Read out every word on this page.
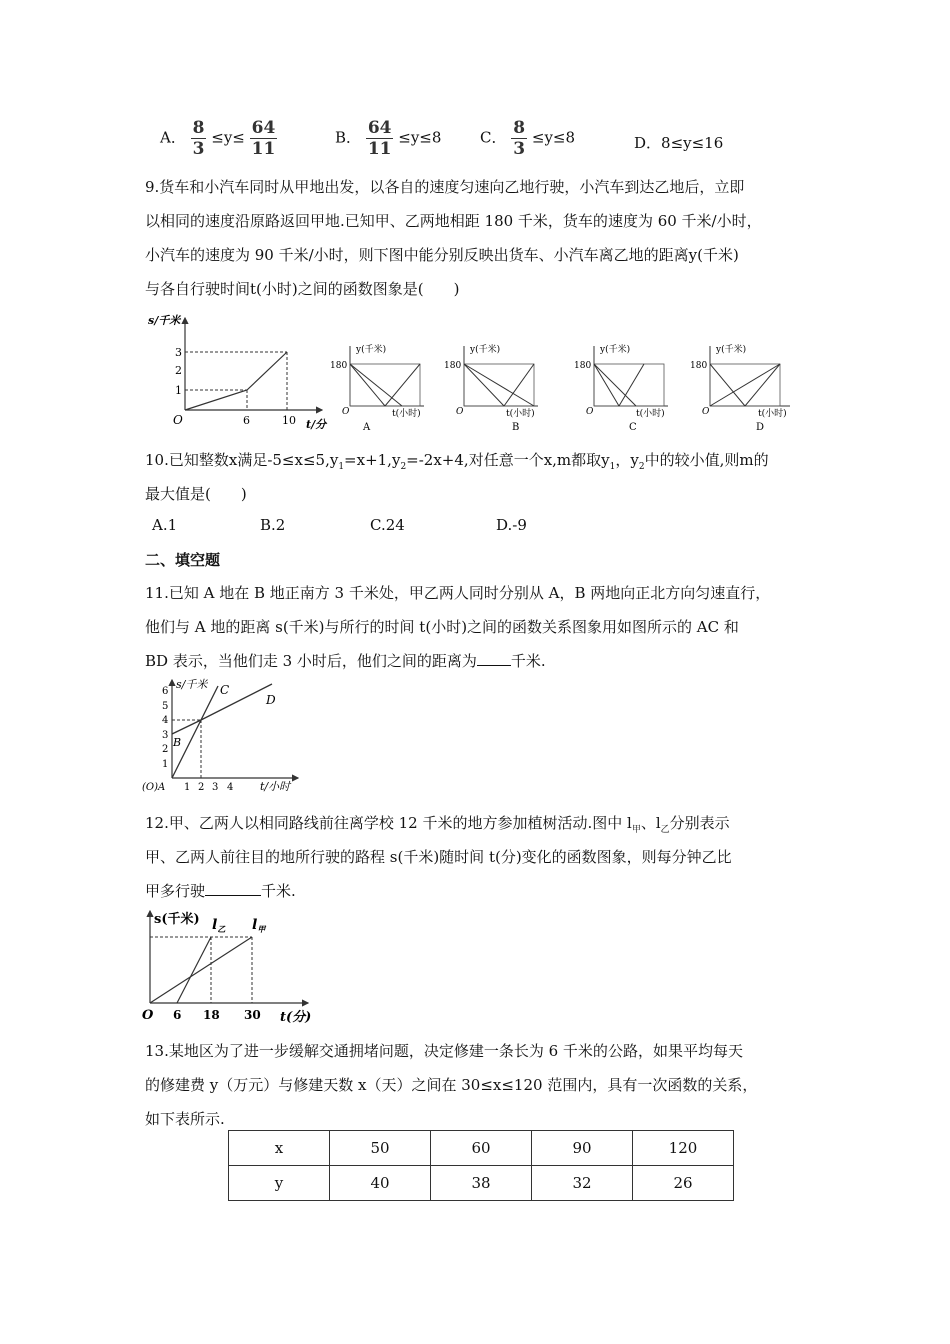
A． $\frac{8}{3} \le y\le \frac{64}{11}$	B． $\frac{64}{11} \le y\le 8$	C． $\frac{8}{3} \le y\le 8$	D．8≤y≤16
9.货车和小汽车同时从甲地出发，以各自的速度匀速向乙地行驶，小汽车到达乙地后，立即
以相同的速度沿原路返回甲地.已知甲、乙两地相距 180 千米，货车的速度为 60 千米/小时，
小汽车的速度为 90 千米/小时，则下图中能分别反映出货车、小汽车离乙地的距离y(千米)
与各自行驶时间t(小时)之间的函数图象是(　　)
s/千米
t/分
O
1
2
3
6	10
y(千米)
180
O	t(小时)
A
y(千米)
180
O	t(小时)
B
y(千米)
180
O	t(小时)
C
y(千米)
180
O	t(小时)
D
10.已知整数x满足$-5\le x\le 5,y_1=x+1,y_2=-2x+4$,对任意一个x,m都取$y_1$，$y_2$中的较小值,则m的
最大值是(　　)
A.1	B.2	C.24	D.-9
二、填空题
11.已知 A 地在 B 地正南方 3 千米处，甲乙两人同时分别从 A，B 两地向正北方向匀速直行，
他们与 A 地的距离 s(千米)与所行的时间 t(小时)之间的函数关系图象用如图所示的 AC 和
BD 表示，当他们走 3 小时后，他们之间的距离为 千米.
s/千米
t/小时
(O)A
1
2
3
4
5
6
1 2 3 4
B
C
D
12.甲、乙两人以相同路线前往离学校 12 千米的地方参加植树活动.图中 $l_甲$、$l_乙$分别表示
甲、乙两人前往目的地所行驶的路程 s(千米)随时间 t(分)变化的函数图象，则每分钟乙比
甲多行驶	千米.
s(千米)
t(分)
O 6 18 30
$l_乙$ $l_甲$
13.某地区为了进一步缓解交通拥堵问题，决定修建一条长为 6 千米的公路，如果平均每天
的修建费 y（万元）与修建天数 x（天）之间在 30≤x≤120 范围内，具有一次函数的关系，
如下表所示.
x	50	60	90	120
y	40	38	32	26
